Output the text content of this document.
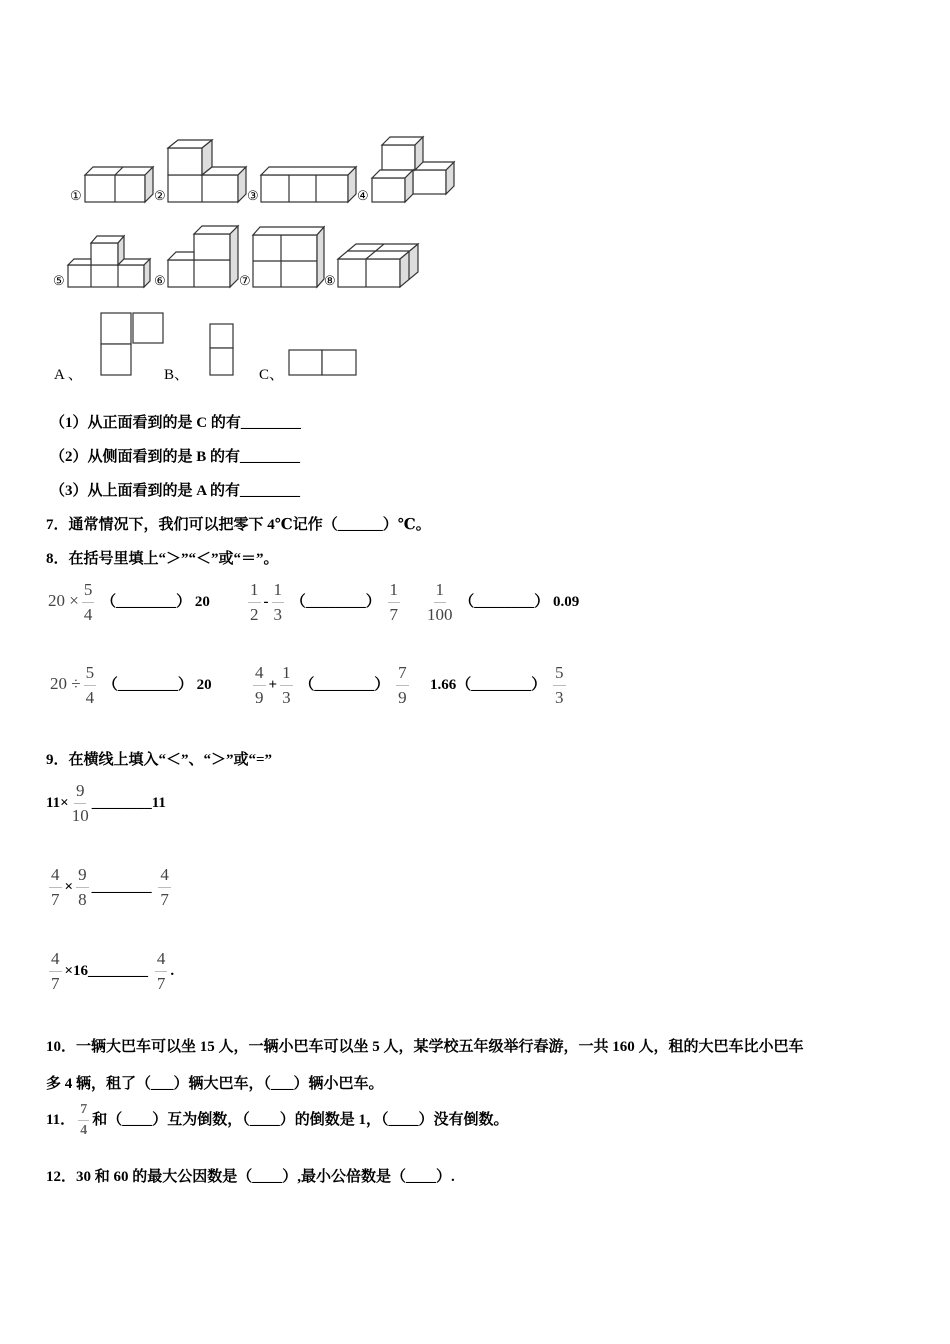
①	②	③	④
⑤	⑥	⑦	⑧
A 、	B、	C、
（1）从正面看到的是 C 的有________
（2）从侧面看到的是 B 的有________
（3）从上面看到的是 A 的有________
7．通常情况下，我们可以把零下 4℃记作（______）℃。
8．在括号里填上“＞”“＜”或“＝”。
$20 \times \frac{5}{4}$ （________） $20 \frac{1}{2} - \frac{1}{3}$ （________） $\frac{1}{7} \frac{1}{100}$ （________） 0.09
$20 \div \frac{5}{4}$ （________） $20 \frac{4}{9} + \frac{1}{3}$ （________） $\frac{7}{9}$ 1.66（________） $\frac{5}{3}$
9．在横线上填入“＜”、“＞”或“=”
$11\times \frac{9}{10}$ ________11
$\frac{4}{7} \times \frac{9}{8}$ ________ $\frac{4}{7}$
$\frac{4}{7}$ ×16________ $\frac{4}{7}$ .
10．一辆大巴车可以坐 15 人，一辆小巴车可以坐 5 人，某学校五年级举行春游，一共 160 人，租的大巴车比小巴车
多 4 辆，租了（___）辆大巴车，（___）辆小巴车。
11． $\frac{7}{4}$ 和（____）互为倒数，（____）的倒数是 1，（____）没有倒数。
12．30 和 60 的最大公因数是（____）,最小公倍数是（____）.
